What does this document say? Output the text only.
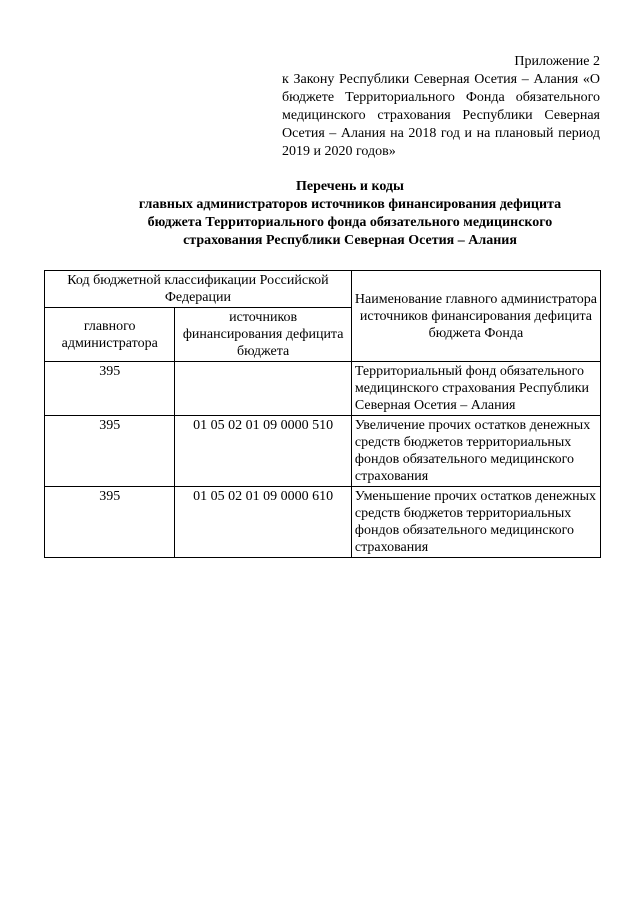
Приложение 2
к Закону Республики Северная Осетия – Алания «О бюджете Территориального Фонда обязательного медицинского страхования Республики Северная Осетия – Алания на 2018 год и на плановый период 2019 и 2020 годов»
Перечень и коды
главных администраторов источников финансирования дефицита
бюджета Территориального фонда обязательного медицинского
страхования Республики Северная Осетия – Алания
Код бюджетной классификации Российской Федерации		Наименование главного администратора источников финансирования дефицита бюджета Фонда
главного администратора	источников финансирования дефицита бюджета	
395		Территориальный фонд обязательного медицинского страхования Республики Северная Осетия – Алания
395	01 05 02 01 09 0000 510	Увеличение прочих остатков денежных средств бюджетов территориальных фондов обязательного медицинского страхования
395	01 05 02 01 09 0000 610	Уменьшение прочих остатков денежных средств бюджетов территориальных фондов обязательного медицинского страхования
